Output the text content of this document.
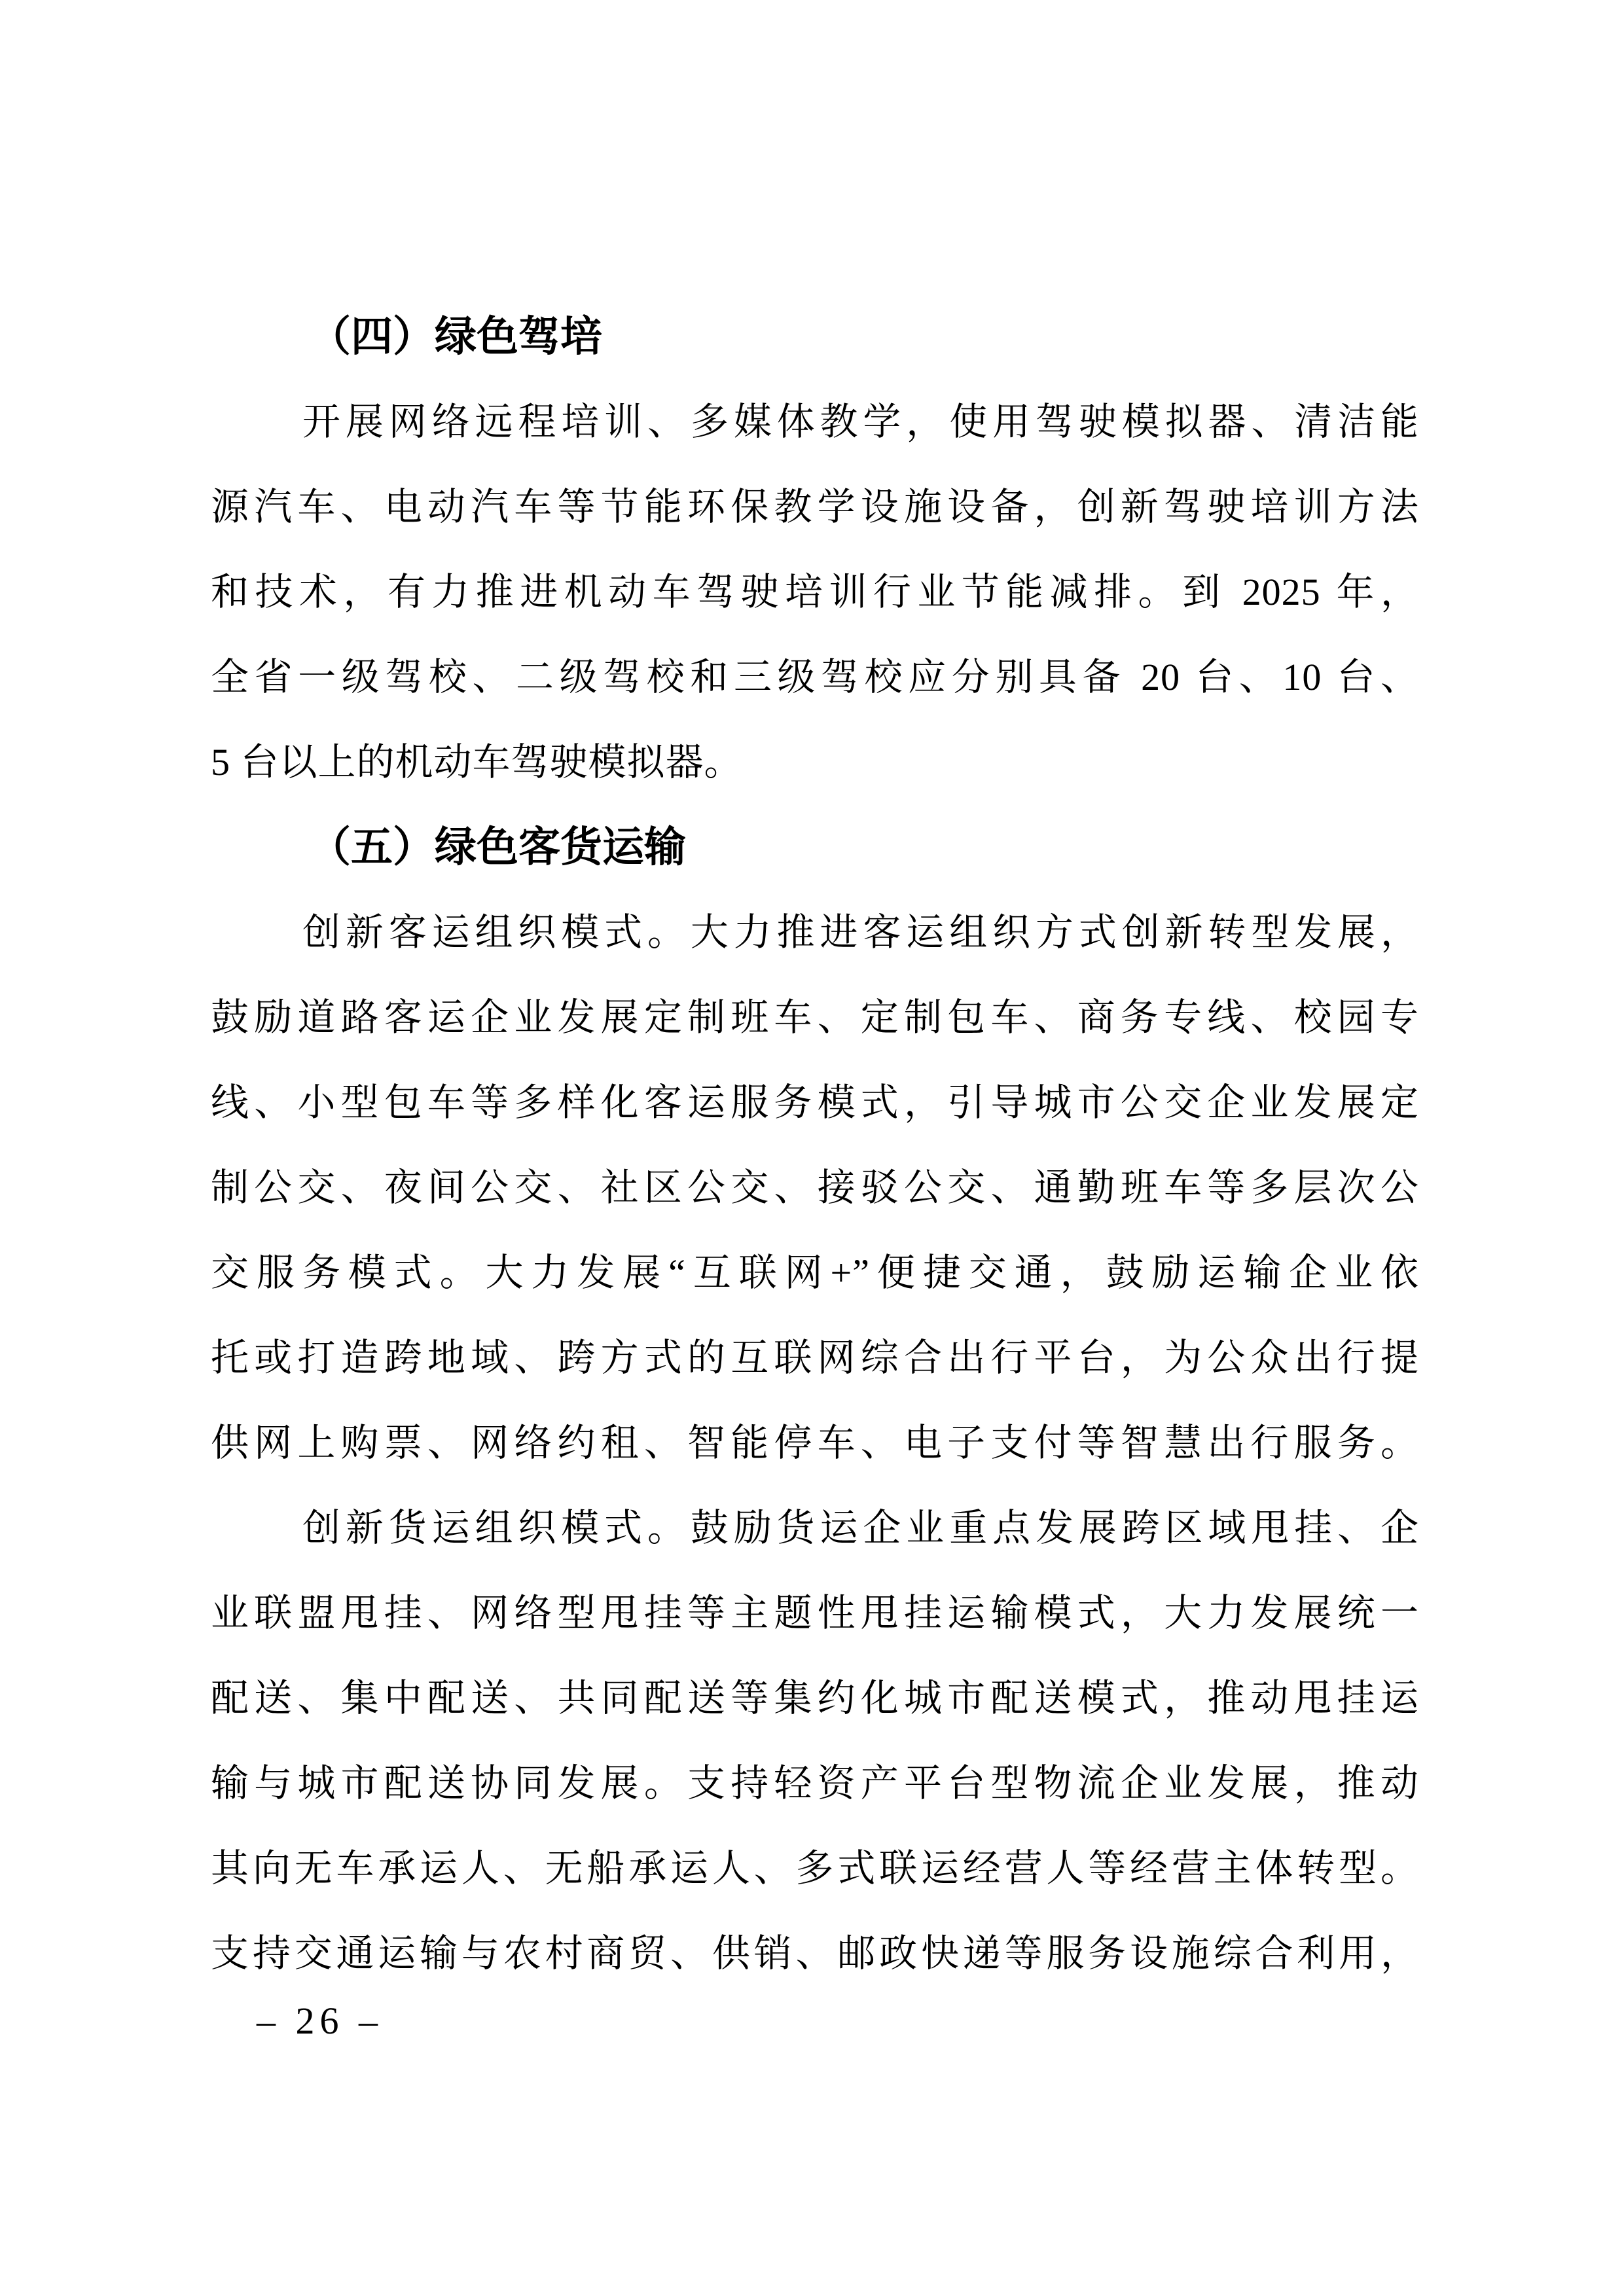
（四）绿色驾培
开展网络远程培训、多媒体教学，使用驾驶模拟器、清洁能
源汽车、电动汽车等节能环保教学设施设备，创新驾驶培训方法
和技术，有力推进机动车驾驶培训行业节能减排。到 2025 年，
全省一级驾校、二级驾校和三级驾校应分别具备 20 台、10 台、
5 台以上的机动车驾驶模拟器。
（五）绿色客货运输
创新客运组织模式。大力推进客运组织方式创新转型发展，
鼓励道路客运企业发展定制班车、定制包车、商务专线、校园专
线、小型包车等多样化客运服务模式，引导城市公交企业发展定
制公交、夜间公交、社区公交、接驳公交、通勤班车等多层次公
交服务模式。大力发展“互联网+”便捷交通，鼓励运输企业依
托或打造跨地域、跨方式的互联网综合出行平台，为公众出行提
供网上购票、网络约租、智能停车、电子支付等智慧出行服务。
创新货运组织模式。鼓励货运企业重点发展跨区域甩挂、企
业联盟甩挂、网络型甩挂等主题性甩挂运输模式，大力发展统一
配送、集中配送、共同配送等集约化城市配送模式，推动甩挂运
输与城市配送协同发展。支持轻资产平台型物流企业发展，推动
其向无车承运人、无船承运人、多式联运经营人等经营主体转型。
支持交通运输与农村商贸、供销、邮政快递等服务设施综合利用，
– 26 –
